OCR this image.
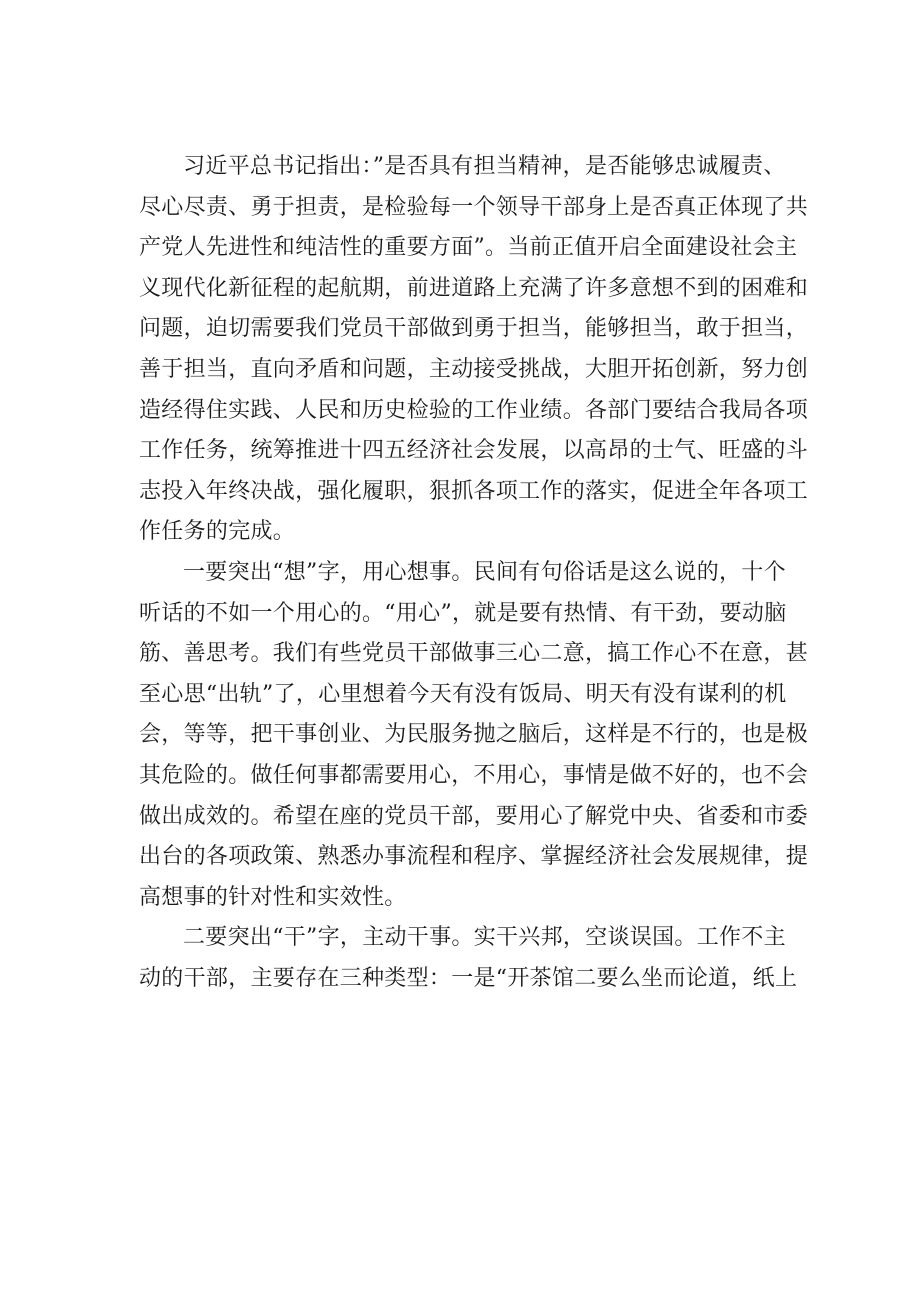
习近平总书记指出：”是否具有担当精神，是否能够忠诚履责、
尽心尽责、勇于担责，是检验每一个领导干部身上是否真正体现了共
产党人先进性和纯洁性的重要方面”。当前正值开启全面建设社会主
义现代化新征程的起航期，前进道路上充满了许多意想不到的困难和
问题，迫切需要我们党员干部做到勇于担当，能够担当，敢于担当，
善于担当，直向矛盾和问题，主动接受挑战，大胆开拓创新，努力创
造经得住实践、人民和历史检验的工作业绩。各部门要结合我局各项
工作任务，统筹推进十四五经济社会发展，以高昂的士气、旺盛的斗
志投入年终决战，强化履职，狠抓各项工作的落实，促进全年各项工
作任务的完成。
一要突出“想”字，用心想事。民间有句俗话是这么说的，十个
听话的不如一个用心的。“用心”，就是要有热情、有干劲，要动脑
筋、善思考。我们有些党员干部做事三心二意，搞工作心不在意，甚
至心思“出轨”了，心里想着今天有没有饭局、明天有没有谋利的机
会，等等，把干事创业、为民服务抛之脑后，这样是不行的，也是极
其危险的。做任何事都需要用心，不用心，事情是做不好的，也不会
做出成效的。希望在座的党员干部，要用心了解党中央、省委和市委
出台的各项政策、熟悉办事流程和程序、掌握经济社会发展规律，提
高想事的针对性和实效性。
二要突出“干”字，主动干事。实干兴邦，空谈误国。工作不主
动的干部，主要存在三种类型：一是“开茶馆二要么坐而论道，纸上
